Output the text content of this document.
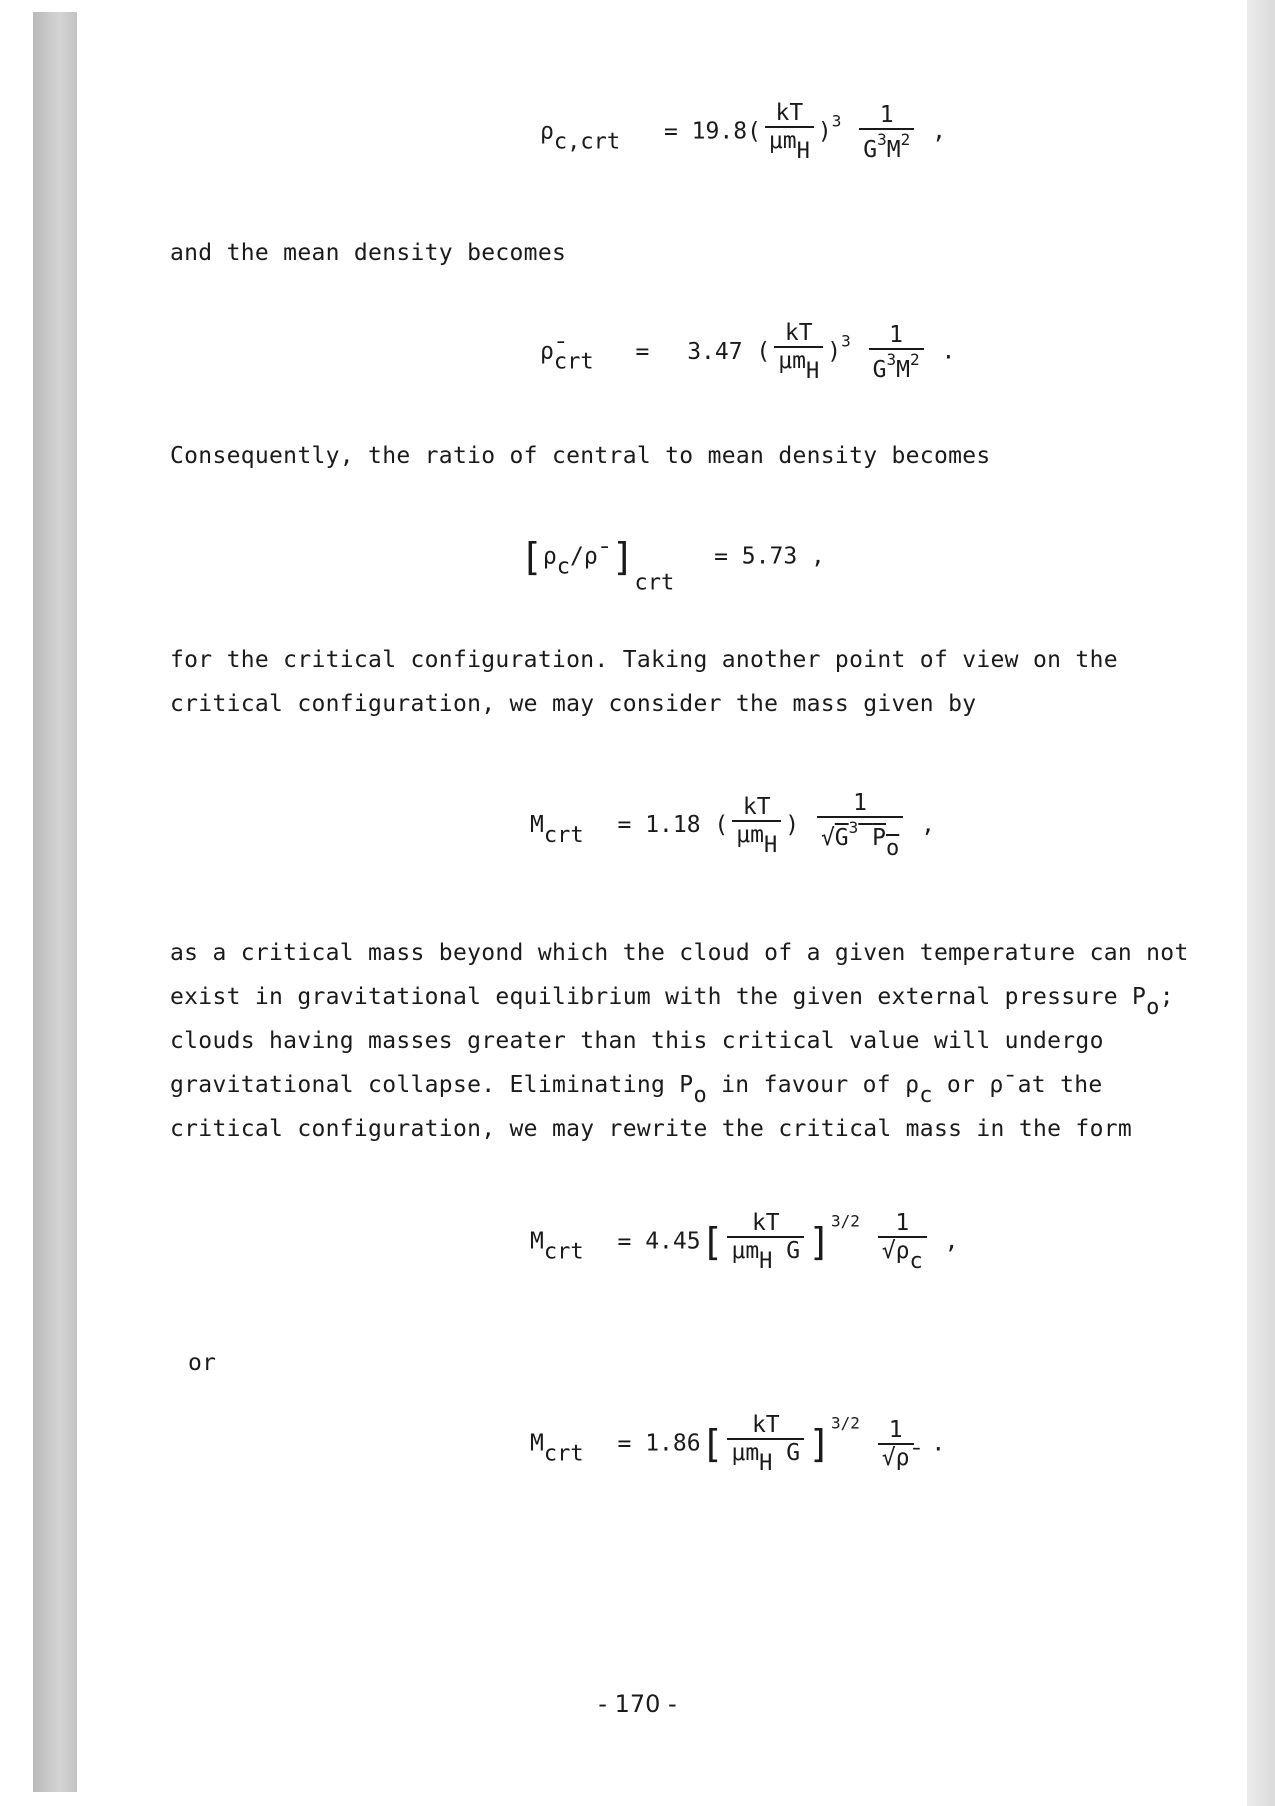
$\rho_{c,crt} = 19.8( \frac{kT}{\mu m_H} )^3 \frac{1}{G^3M^2}$ ,
and the mean density becomes
$\rhō_{crt} = 3.47$ ( $\frac{kT}{\mu m_H} )^3 \frac{1}{G^3M^2}$ .
Consequently, the ratio of central to mean density becomes
[$\rho_c/\rhō$ ]$_{crt} = 5.73$ ,
for the critical configuration. Taking another point of view on the
critical configuration, we may consider the mass given by
$M_{crt} = 1.18$ ( $\frac{kT}{\mu m_H}$ ) $\frac{1}{√G^3 P_o}$ ,
as a critical mass beyond which the cloud of a given temperature can not
exist in gravitational equilibrium with the given external pressure $P_o$;
clouds having masses greater than this critical value will undergo
gravitational collapse. Eliminating $P_o$ in favour of $\rho_c$ or ρ̄ at the
critical configuration, we may rewrite the critical mass in the form
$M_{crt} = 4.45[ \frac{kT}{\mu m_H G} ]^{3/2} \frac{1}{√\rho_c}$ ,
or
$M_{crt} = 1.86[ \frac{kT}{\mu m_H G} ]^{3/2} \frac{1}{√\rhō}$ .
- 170 -
